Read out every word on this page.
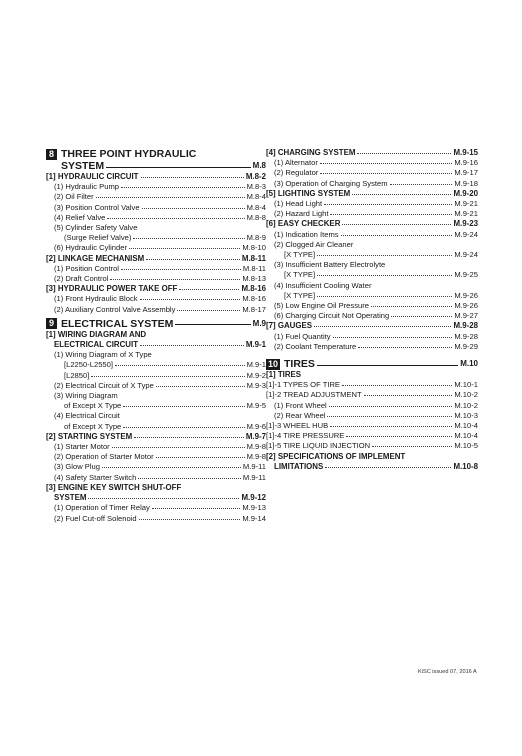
8 THREE POINT HYDRAULIC
SYSTEM	M.8
[1] HYDRAULIC CIRCUIT	M.8-2
(1) Hydraulic Pump	M.8-3
(2) Oil Filter	M.8-4
(3) Position Control Valve	M.8-4
(4) Relief Valve	M.8-8
(5) Cylinder Safety Valve
(Surge Relief Valve)	M.8-9
(6) Hydraulic Cylinder	M.8-10
[2] LINKAGE MECHANISM	M.8-11
(1) Position Control	M.8-11
(2) Draft Control	M.8-13
[3] HYDRAULIC POWER TAKE OFF	M.8-16
(1) Front Hydraulic Block	M.8-16
(2) Auxiliary Control Valve Assembly	M.8-17
9 ELECTRICAL SYSTEM	M.9
[1] WIRING DIAGRAM AND
ELECTRICAL CIRCUIT	M.9-1
(1) Wiring Diagram of X Type
[L2250-L2550]	M.9-1
[L2850]	M.9-2
(2) Electrical Circuit of X Type	M.9-3
(3) Wiring Diagram
of Except X Type	M.9-5
(4) Electrical Circuit
of Except X Type	M.9-6
[2] STARTING SYSTEM	M.9-7
(1) Starter Motor	M.9-8
(2) Operation of Starter Motor	M.9-8
(3) Glow Plug	M.9-11
(4) Safety Starter Switch	M.9-11
[3] ENGINE KEY SWITCH SHUT-OFF
SYSTEM	M.9-12
(1) Operation of Timer Relay	M.9-13
(2) Fuel Cut-off Solenoid	M.9-14
[4] CHARGING SYSTEM	M.9-15
(1) Alternator	M.9-16
(2) Regulator	M.9-17
(3) Operation of Charging System	M.9-18
[5] LIGHTING SYSTEM	M.9-20
(1) Head Light	M.9-21
(2) Hazard Light	M.9-21
[6] EASY CHECKER	M.9-23
(1) Indication Items	M.9-24
(2) Clogged Air Cleaner
[X TYPE]	M.9-24
(3) Insufficient Battery Electrolyte
[X TYPE]	M.9-25
(4) Insufficient Cooling Water
[X TYPE]	M.9-26
(5) Low Engine Oil Pressure	M.9-26
(6) Charging Circuit Not Operating	M.9-27
[7] GAUGES	M.9-28
(1) Fuel Quantity	M.9-28
(2) Coolant Temperature	M.9-29
10 TIRES	M.10
[1] TIRES
[1]-1 TYPES OF TIRE	M.10-1
[1]-2 TREAD ADJUSTMENT	M.10-2
(1) Front Wheel	M.10-2
(2) Rear Wheel	M.10-3
[1]-3 WHEEL HUB	M.10-4
[1]-4 TIRE PRESSURE	M.10-4
[1]-5 TIRE LIQUID INJECTION	M.10-5
[2] SPECIFICATIONS OF IMPLEMENT
LIMITATIONS	M.10-8
KiSC issued 07, 2016 A
